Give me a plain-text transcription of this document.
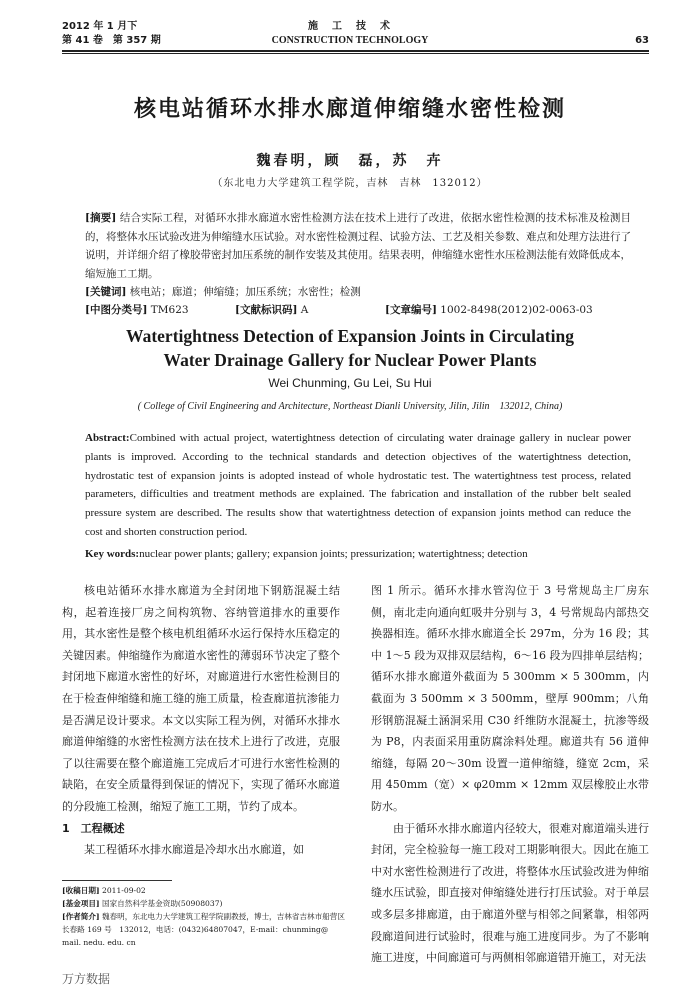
2012 年 1 月下
第 41 卷　第 357 期
施　工　技　术
CONSTRUCTION TECHNOLOGY	63
核电站循环水排水廊道伸缩缝水密性检测
魏春明，顾　磊，苏　卉
（东北电力大学建筑工程学院，吉林　吉林　132012）
[摘要] 结合实际工程，对循环水排水廊道水密性检测方法在技术上进行了改进，依据水密性检测的技术标准及检测目的，将整体水压试验改进为伸缩缝水压试验。对水密性检测过程、试验方法、工艺及相关参数、难点和处理方法进行了说明，并详细介绍了橡胶带密封加压系统的制作安装及其使用。结果表明，伸缩缝水密性水压检测法能有效降低成本，缩短施工工期。
[关键词] 核电站；廊道；伸缩缝；加压系统；水密性；检测
[中图分类号] TM623	[文献标识码] A	[文章编号] 1002-8498(2012)02-0063-03
Watertightness Detection of Expansion Joints in Circulating Water Drainage Gallery for Nuclear Power Plants
Wei Chunming, Gu Lei, Su Hui
( College of Civil Engineering and Architecture, Northeast Dianli University, Jilin, Jilin　132012, China)
Abstract:Combined with actual project, watertightness detection of circulating water drainage gallery in nuclear power plants is improved. According to the technical standards and detection objectives of the watertightness detection, hydrostatic test of expansion joints is adopted instead of whole hydrostatic test. The watertightness test process, related parameters, difficulties and treatment methods are explained. The fabrication and installation of the rubber belt sealed pressure system are described. The results show that watertightness detection of expansion joints method can reduce the cost and shorten construction period.
Key words:nuclear power plants; gallery; expansion joints; pressurization; watertightness; detection

核电站循环水排水廊道为全封闭地下钢筋混凝土结构，起着连接厂房之间构筑物、容纳管道排水的重要作用，其水密性是整个核电机组循环水运行保持水压稳定的关键因素。伸缩缝作为廊道水密性的薄弱环节决定了整个封闭地下廊道水密性的好坏，对廊道进行水密性检测目的在于检查伸缩缝和施工缝的施工质量，检查廊道抗渗能力是否满足设计要求。本文以实际工程为例，对循环水排水廊道伸缩缝的水密性检测方法在技术上进行了改进，克服了以往需要在整个廊道施工完成后才可进行水密性检测的缺陷，在安全质量得到保证的情况下，实现了循环水廊道的分段施工检测，缩短了施工工期，节约了成本。

1　工程概述

某工程循环水排水廊道是冷却水出水廊道，如

图 1 所示。循环水排水管沟位于 3 号常规岛主厂房东侧，南北走向通向虹吸井分别与 3，4 号常规岛内部热交换器相连。循环水排水廊道全长 297m，分为 16 段；其中 1～5 段为双排双层结构，6～16 段为四排单层结构；循环水排水廊道外截面为 5 300mm × 5 300mm，内截面为 3 500mm × 3 500mm，壁厚 900mm；八角形钢筋混凝土涵洞采用 C30 纤维防水混凝土，抗渗等级为 P8，内表面采用重防腐涂料处理。廊道共有 56 道伸缩缝，每隔 20～30m 设置一道伸缩缝，缝宽 2cm，采用 450mm（宽）× φ20mm × 12mm 双层橡胶止水带防水。

由于循环水排水廊道内径较大，很难对廊道端头进行封闭，完全检验每一施工段对工期影响很大。因此在施工中对水密性检测进行了改进，将整体水压试验改进为伸缩缝水压试验，即直接对伸缩缝处进行打压试验。对于单层或多层多排廊道，由于廊道外壁与相邻之间紧靠，相邻两段廊道间进行试验时，很难与施工进度同步。为了不影响施工进度，中间廊道可与两侧相邻廊道错开施工，对无法

[收稿日期] 2011-09-02

[基金项目] 国家自然科学基金资助(50908037)

[作者简介] 魏春明，东北电力大学建筑工程学院副教授，博士，吉林省吉林市船营区长春路 169 号　132012，电话：(0432)64807047，E-mail：chunming@ mail. nedu. edu. cn

万方数据
